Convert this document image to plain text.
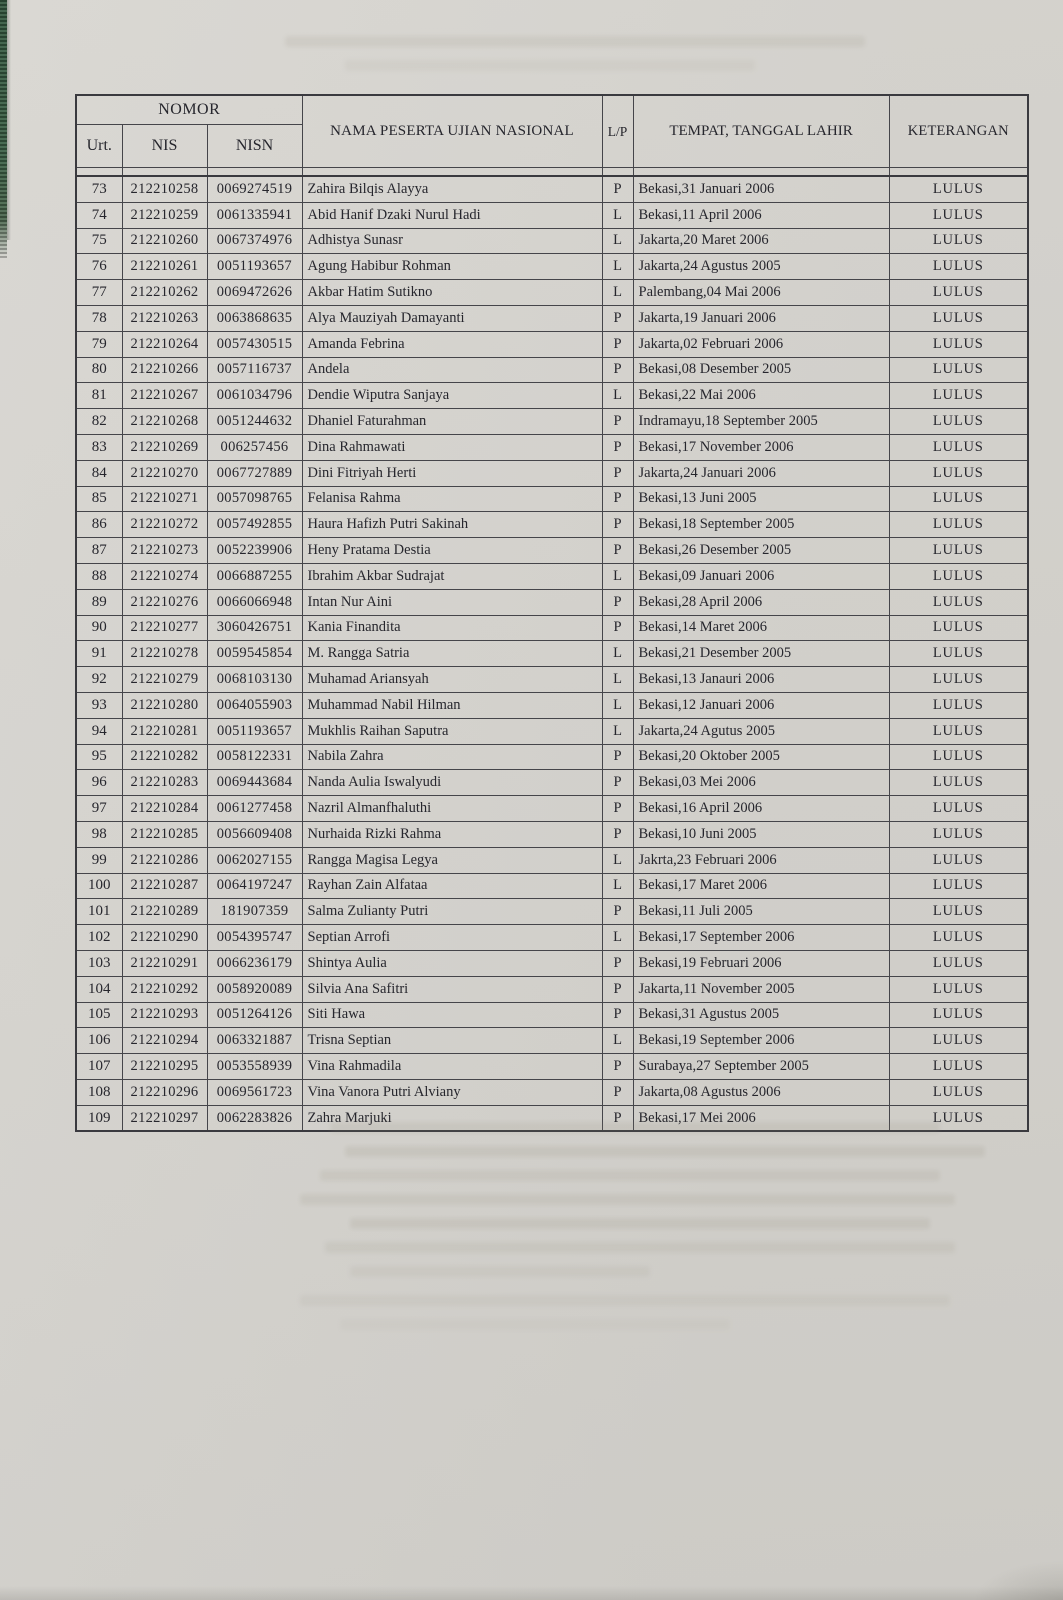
NOMOR			NAMA PESERTA UJIAN NASIONAL	L/P	TEMPAT, TANGGAL LAHIR	KETERANGAN
Urt.	NIS	NISN				

73	212210258	0069274519	Zahira Bilqis Alayya	P	Bekasi,31 Januari 2006	LULUS
74	212210259	0061335941	Abid Hanif Dzaki Nurul Hadi	L	Bekasi,11 April 2006	LULUS
75	212210260	0067374976	Adhistya Sunasr	L	Jakarta,20 Maret 2006	LULUS
76	212210261	0051193657	Agung Habibur Rohman	L	Jakarta,24 Agustus 2005	LULUS
77	212210262	0069472626	Akbar Hatim Sutikno	L	Palembang,04 Mai 2006	LULUS
78	212210263	0063868635	Alya Mauziyah Damayanti	P	Jakarta,19 Januari 2006	LULUS
79	212210264	0057430515	Amanda Febrina	P	Jakarta,02 Februari 2006	LULUS
80	212210266	0057116737	Andela	P	Bekasi,08 Desember 2005	LULUS
81	212210267	0061034796	Dendie Wiputra Sanjaya	L	Bekasi,22 Mai 2006	LULUS
82	212210268	0051244632	Dhaniel Faturahman	P	Indramayu,18 September 2005	LULUS
83	212210269	006257456	Dina Rahmawati	P	Bekasi,17 November 2006	LULUS
84	212210270	0067727889	Dini Fitriyah Herti	P	Jakarta,24 Januari 2006	LULUS
85	212210271	0057098765	Felanisa Rahma	P	Bekasi,13 Juni 2005	LULUS
86	212210272	0057492855	Haura Hafizh Putri Sakinah	P	Bekasi,18 September 2005	LULUS
87	212210273	0052239906	Heny Pratama Destia	P	Bekasi,26 Desember 2005	LULUS
88	212210274	0066887255	Ibrahim Akbar Sudrajat	L	Bekasi,09 Januari 2006	LULUS
89	212210276	0066066948	Intan Nur Aini	P	Bekasi,28 April 2006	LULUS
90	212210277	3060426751	Kania Finandita	P	Bekasi,14 Maret 2006	LULUS
91	212210278	0059545854	M. Rangga Satria	L	Bekasi,21 Desember 2005	LULUS
92	212210279	0068103130	Muhamad Ariansyah	L	Bekasi,13 Janauri 2006	LULUS
93	212210280	0064055903	Muhammad Nabil Hilman	L	Bekasi,12 Januari 2006	LULUS
94	212210281	0051193657	Mukhlis Raihan Saputra	L	Jakarta,24 Agutus 2005	LULUS
95	212210282	0058122331	Nabila Zahra	P	Bekasi,20 Oktober 2005	LULUS
96	212210283	0069443684	Nanda Aulia Iswalyudi	P	Bekasi,03 Mei 2006	LULUS
97	212210284	0061277458	Nazril Almanfhaluthi	P	Bekasi,16 April 2006	LULUS
98	212210285	0056609408	Nurhaida Rizki Rahma	P	Bekasi,10 Juni 2005	LULUS
99	212210286	0062027155	Rangga Magisa Legya	L	Jakrta,23 Februari 2006	LULUS
100	212210287	0064197247	Rayhan Zain Alfataa	L	Bekasi,17 Maret 2006	LULUS
101	212210289	181907359	Salma Zulianty Putri	P	Bekasi,11 Juli 2005	LULUS
102	212210290	0054395747	Septian Arrofi	L	Bekasi,17 September 2006	LULUS
103	212210291	0066236179	Shintya Aulia	P	Bekasi,19 Februari 2006	LULUS
104	212210292	0058920089	Silvia Ana Safitri	P	Jakarta,11 November 2005	LULUS
105	212210293	0051264126	Siti Hawa	P	Bekasi,31 Agustus 2005	LULUS
106	212210294	0063321887	Trisna Septian	L	Bekasi,19 September 2006	LULUS
107	212210295	0053558939	Vina Rahmadila	P	Surabaya,27 September 2005	LULUS
108	212210296	0069561723	Vina Vanora Putri Alviany	P	Jakarta,08 Agustus 2006	LULUS
109	212210297	0062283826	Zahra Marjuki	P	Bekasi,17 Mei 2006	LULUS
